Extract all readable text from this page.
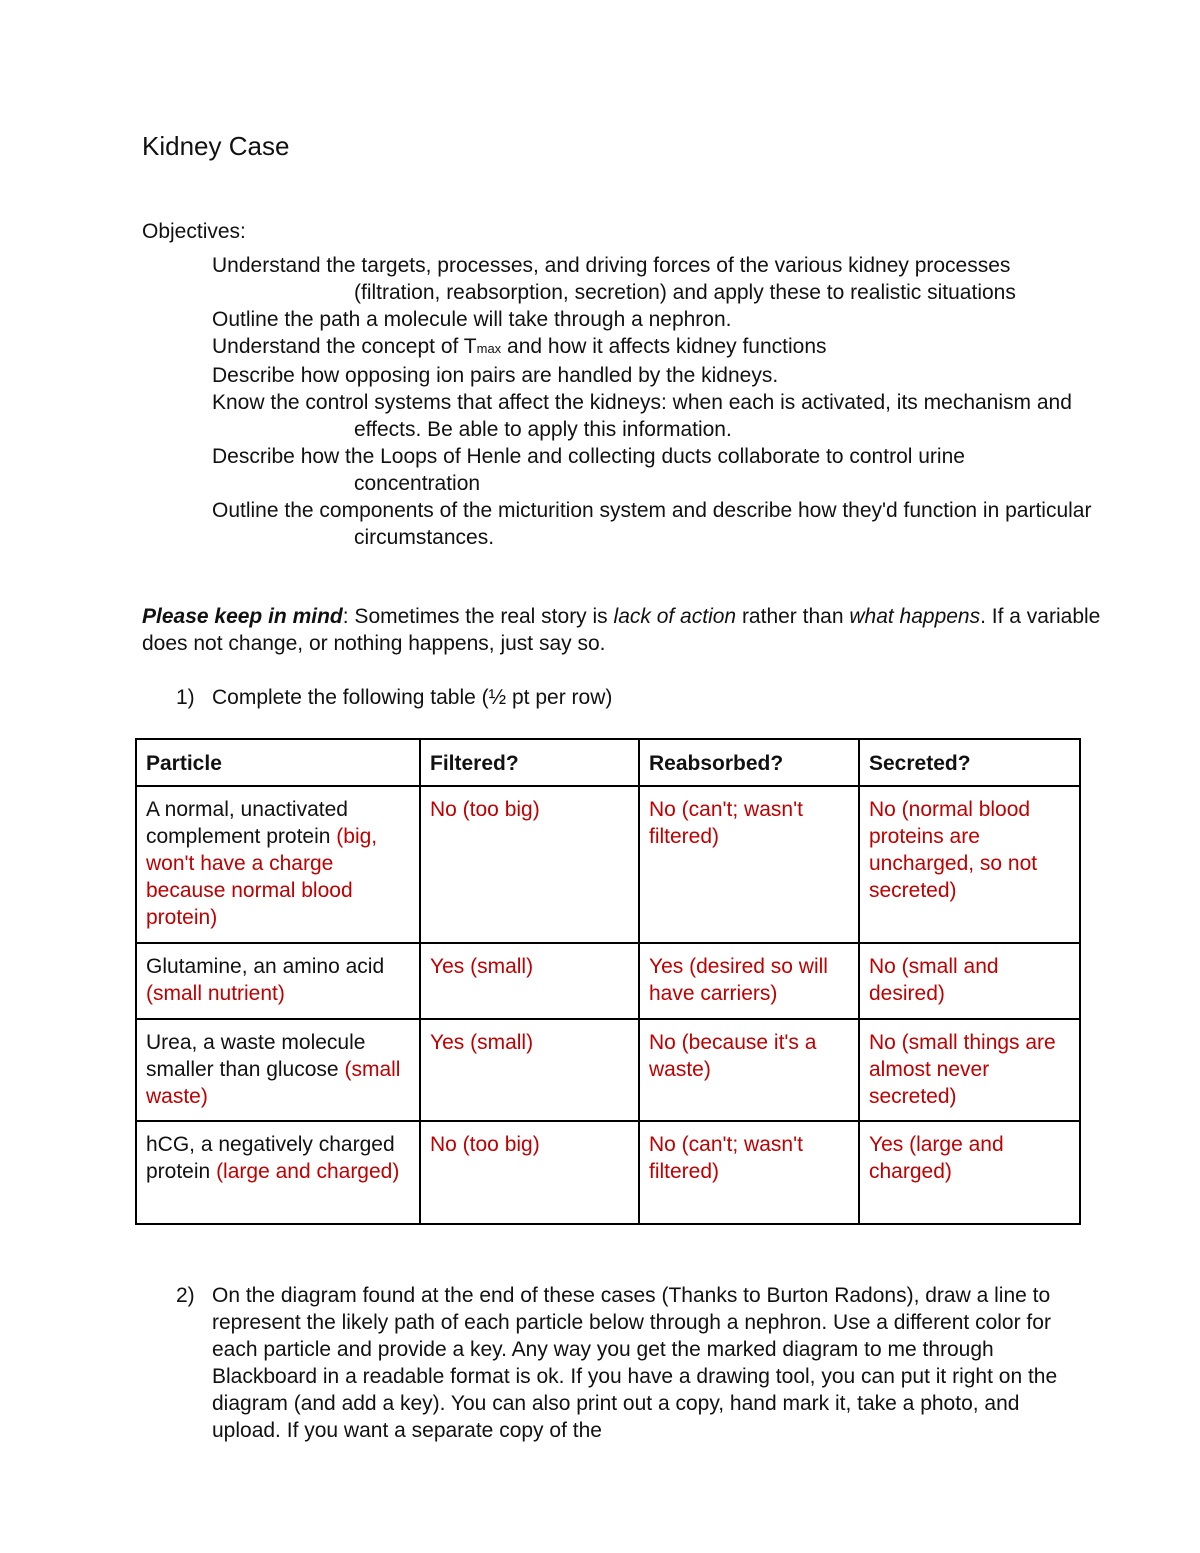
Kidney Case
Objectives:
Understand the targets, processes, and driving forces of the various kidney processes (filtration, reabsorption, secretion) and apply these to realistic situations
Outline the path a molecule will take through a nephron.
Understand the concept of Tmax and how it affects kidney functions
Describe how opposing ion pairs are handled by the kidneys.
Know the control systems that affect the kidneys: when each is activated, its mechanism and effects. Be able to apply this information.
Describe how the Loops of Henle and collecting ducts collaborate to control urine concentration
Outline the components of the micturition system and describe how they'd function in particular circumstances.

Please keep in mind: Sometimes the real story is lack of action rather than what happens. If a variable does not change, or nothing happens, just say so.

1) Complete the following table (½ pt per row)

Particle	Filtered?	Reabsorbed?	Secreted?
A normal, unactivated complement protein (big, won't have a charge because normal blood protein)	No (too big)	No (can't; wasn't filtered)	No (normal blood proteins are uncharged, so not secreted)
Glutamine, an amino acid (small nutrient)	Yes (small)	Yes (desired so will have carriers)	No (small and desired)
Urea, a waste molecule smaller than glucose (small waste)	Yes (small)	No (because it's a waste)	No (small things are almost never secreted)
hCG, a negatively charged protein (large and charged)	No (too big)	No (can't; wasn't filtered)	Yes (large and charged)

2) On the diagram found at the end of these cases (Thanks to Burton Radons), draw a line to represent the likely path of each particle below through a nephron. Use a different color for each particle and provide a key. Any way you get the marked diagram to me through Blackboard in a readable format is ok. If you have a drawing tool, you can put it right on the diagram (and add a key). You can also print out a copy, hand mark it, take a photo, and upload. If you want a separate copy of the
